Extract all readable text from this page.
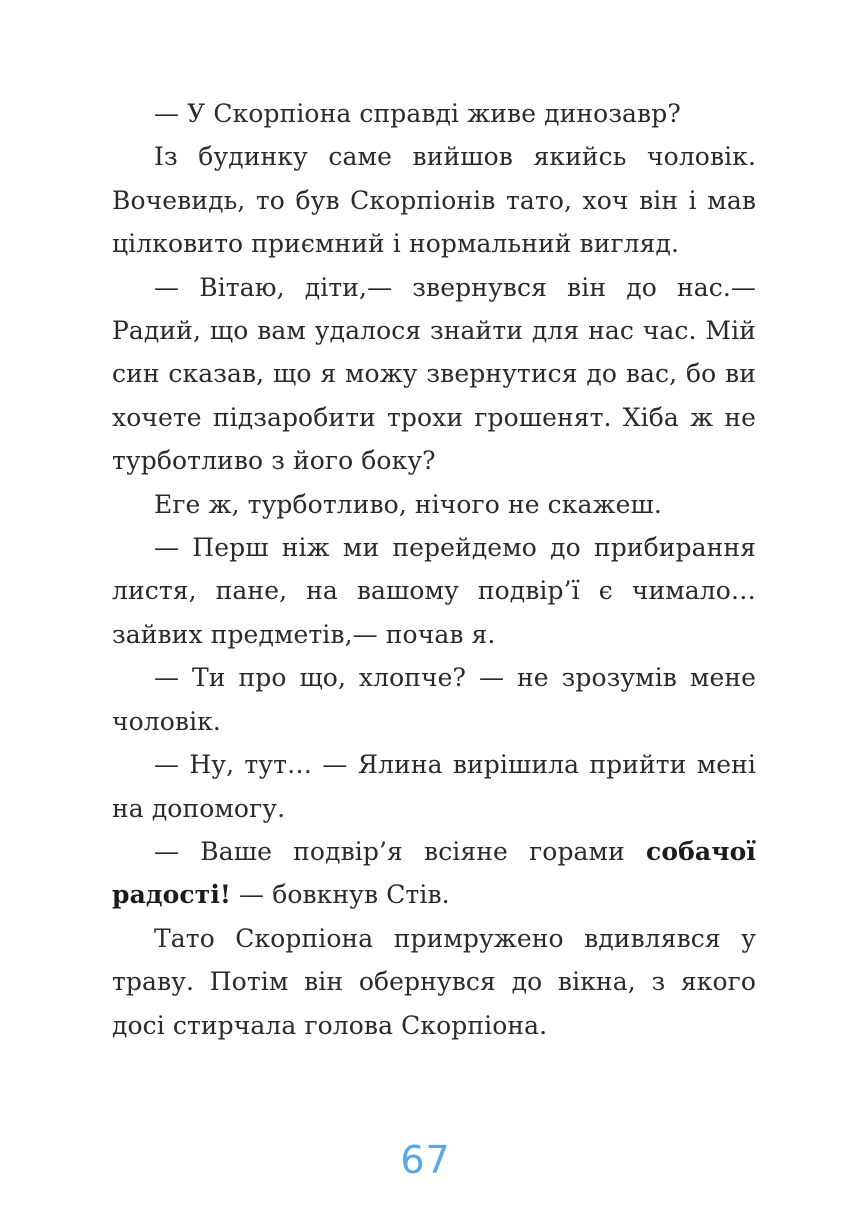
— У Скорпіона справді живе динозавр?

Із будинку саме вийшов якийсь чоловік. Вочевидь, то був Скорпіонів тато, хоч він і мав цілковито приємний і нормальний вигляд.

— Вітаю, діти,— звернувся він до нас.— Радий, що вам удалося знайти для нас час. Мій син сказав, що я можу звернутися до вас, бо ви хочете підзаробити трохи грошенят. Хіба ж не турботливо з його боку?

Еге ж, турботливо, нічого не скажеш.

— Перш ніж ми перейдемо до прибирання листя, пане, на вашому подвір’ї є чимало… зайвих предметів,— почав я.

— Ти про що, хлопче? — не зрозумів мене чоловік.

— Ну, тут… — Ялина вирішила прийти мені на допомогу.

— Ваше подвір’я всіяне горами собачої радості! — бовкнув Стів.

Тато Скорпіона примружено вдивлявся у траву. Потім він обернувся до вікна, з якого досі стирчала голова Скорпіона.

67
